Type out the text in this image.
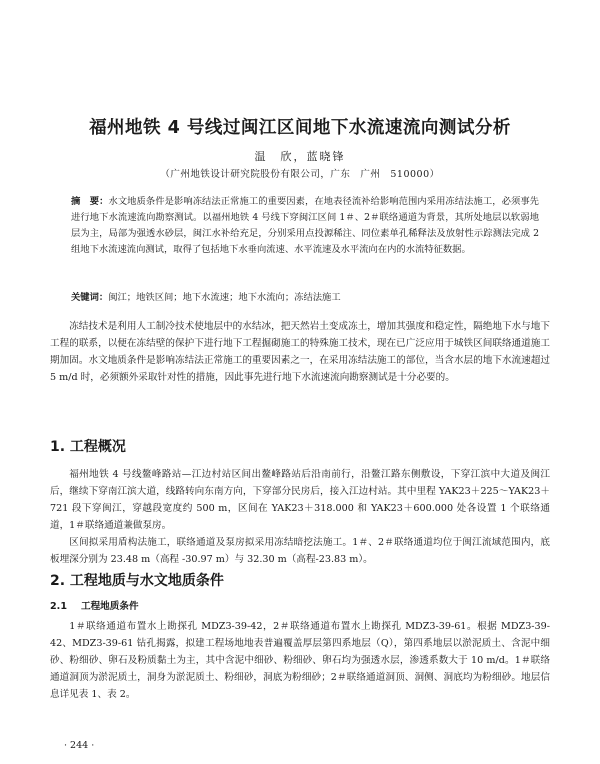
福州地铁 4 号线过闽江区间地下水流速流向测试分析
温　欣，蓝晓锋
（广州地铁设计研究院股份有限公司，广东　广州　510000）
摘　要：水文地质条件是影响冻结法正常施工的重要因素，在地表径流补给影响范围内采用冻结法施工，必须事先进行地下水流速流向勘察测试。以福州地铁 4 号线下穿闽江区间 1＃、2＃联络通道为背景，其所处地层以软弱地层为主，局部为强透水砂层，闽江水补给充足，分别采用点投源稀注、同位素单孔稀释法及放射性示踪测法完成 2 组地下水流速流向测试，取得了包括地下水垂向流速、水平流速及水平流向在内的水流特征数据。
关键词：闽江；地铁区间；地下水流速；地下水流向；冻结法施工
冻结技术是利用人工制冷技术使地层中的水结冰，把天然岩土变成冻土，增加其强度和稳定性，隔绝地下水与地下工程的联系，以便在冻结壁的保护下进行地下工程掘砌施工的特殊施工技术，现在已广泛应用于城铁区间联络通道施工期加固。水文地质条件是影响冻结法正常施工的重要因素之一，在采用冻结法施工的部位，当含水层的地下水流速超过 5 m/d 时，必须额外采取针对性的措施，因此事先进行地下水流速流向勘察测试是十分必要的。
1. 工程概况

福州地铁 4 号线鳌峰路站—江边村站区间出鳌峰路站后沿南前行，沿鳌江路东侧敷设，下穿江滨中大道及闽江后，继续下穿南江滨大道，线路转向东南方向，下穿部分民房后，接入江边村站。其中里程 YAK23＋225～YAK23＋721 段下穿闽江，穿越段宽度约 500 m，区间在 YAK23＋318.000 和 YAK23＋600.000 处各设置 1 个联络通道，1＃联络通道兼做泵房。

区间拟采用盾构法施工，联络通道及泵房拟采用冻结暗挖法施工。1＃、2＃联络通道均位于闽江流域范围内，底板埋深分别为 23.48 m（高程 -30.97 m）与 32.30 m（高程-23.83 m）。

2. 工程地质与水文地质条件
2.1 工程地质条件
1＃联络通道布置水上勘探孔 MDZ3-39-42，2＃联络通道布置水上勘探孔 MDZ3-39-61。根据 MDZ3-39-42、MDZ3-39-61 钻孔揭露，拟建工程场地地表普遍覆盖厚层第四系地层（Q），第四系地层以淤泥质土、含泥中细砂、粉细砂、卵石及粉质黏土为主，其中含泥中细砂、粉细砂、卵石均为强透水层，渗透系数大于 10 m/d。1＃联络通道洞顶为淤泥质土，洞身为淤泥质土、粉细砂，洞底为粉细砂；2＃联络通道洞顶、洞侧、洞底均为粉细砂。地层信息详见表 1、表 2。
· 244 ·
